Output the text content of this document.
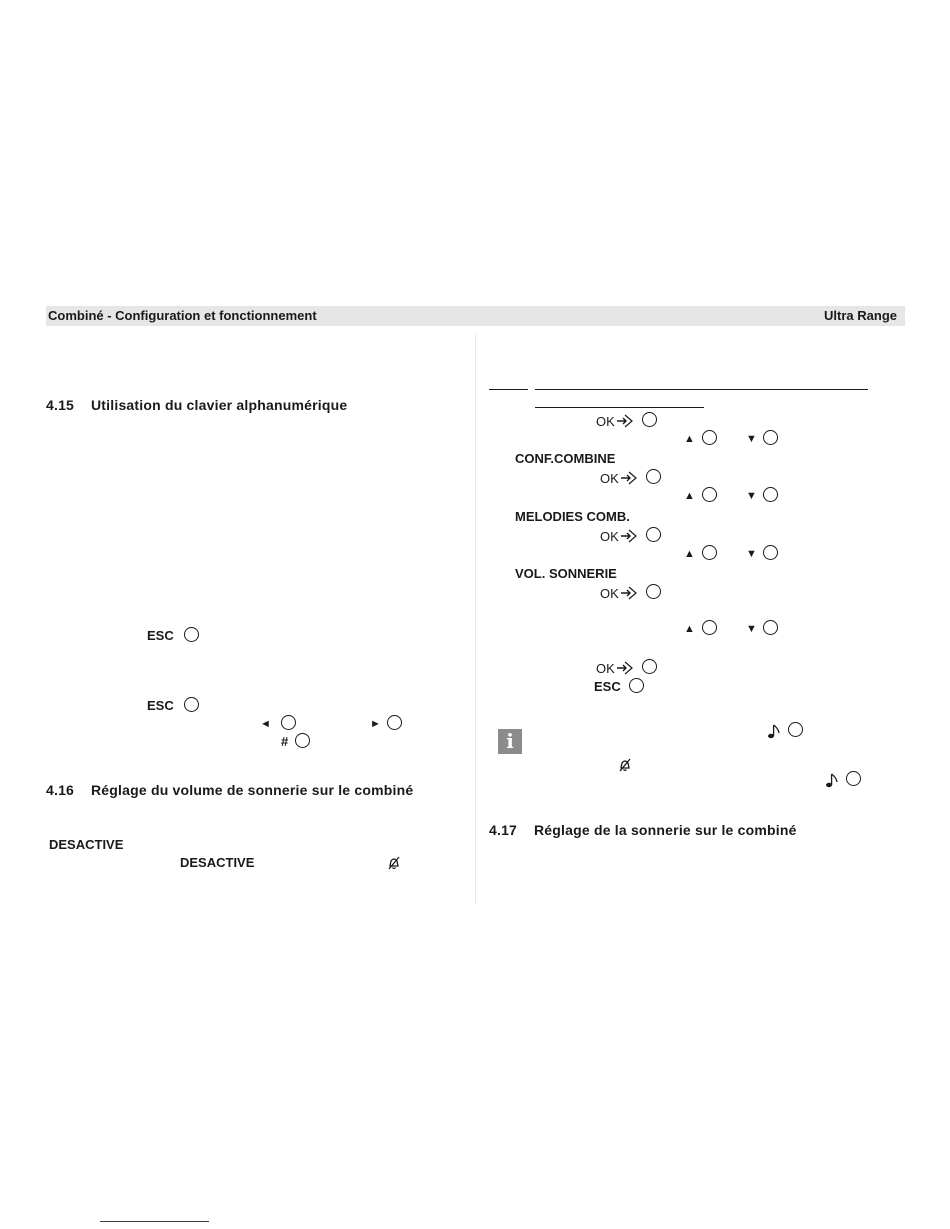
Combiné - Configuration et fonctionnement	Ultra Range
4.15 Utilisation du clavier alphanumérique
ESC
ESC
◄	►
#
4.16 Réglage du volume de sonnerie sur le combiné
DESACTIVE
DESACTIVE
OK
▲	▼
CONF.COMBINE
OK
▲	▼
MELODIES COMB.
OK
▲	▼
VOL. SONNERIE
OK
▲	▼
OK
ESC
i
4.17 Réglage de la sonnerie sur le combiné
